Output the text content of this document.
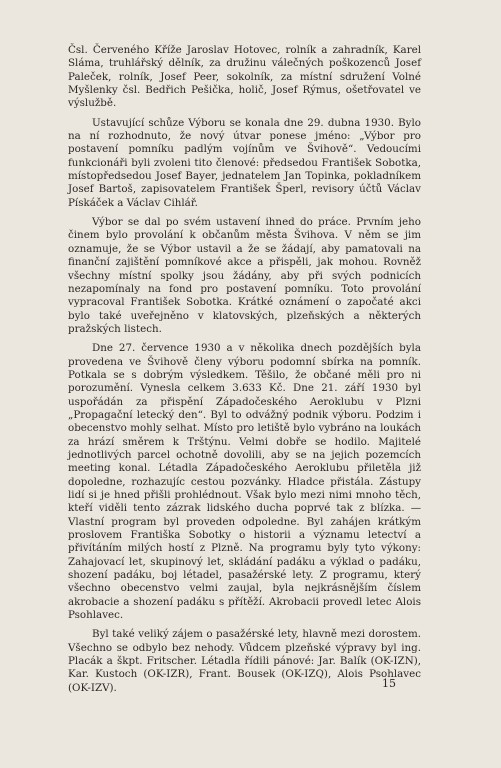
Čsl. Červeného Kříže Jaroslav Hotovec, rolník a zahradník, Karel Sláma, truhlářský dělník, za družinu válečných poškozenců Josef Paleček, rolník, Josef Peer, sokolník, za místní sdružení Volné Myšlenky čsl. Bedřich Pešička, holič, Josef Rýmus, ošetřovatel ve výslužbě.

Ustavující schůze Výboru se konala dne 29. dubna 1930. Bylo na ní rozhodnuto, že nový útvar ponese jméno: „Výbor pro postavení pomníku padlým vojínům ve Švihově“. Vedoucími funkcionáři byli zvoleni tito členové: předsedou František Sobotka, místopředsedou Josef Bayer, jednatelem Jan Topinka, pokladníkem Josef Bartoš, zapisovatelem František Šperl, revisory účtů Václav Pískáček a Václav Cihlář.

Výbor se dal po svém ustavení ihned do práce. Prvním jeho činem bylo provolání k občanům města Švihova. V něm se jim oznamuje, že se Výbor ustavil a že se žádají, aby pamatovali na finanční zajištění pomníkové akce a přispěli, jak mohou. Rovněž všechny místní spolky jsou žádány, aby při svých podnicích nezapomínaly na fond pro postavení pomníku. Toto provolání vypracoval František Sobotka. Krátké oznámení o započaté akci bylo také uveřejněno v klatovských, plzeňských a některých pražských listech.

Dne 27. července 1930 a v několika dnech pozdějších byla provedena ve Švihově členy výboru podomní sbírka na pomník. Potkala se s dobrým výsledkem. Těšilo, že občané měli pro ni porozumění. Vynesla celkem 3.633 Kč. Dne 21. září 1930 byl uspořádán za přispění Západočeského Aeroklubu v Plzni „Propagační letecký den“. Byl to odvážný podnik výboru. Podzim i obecenstvo mohly selhat. Místo pro letiště bylo vybráno na loukách za hrází směrem k Trštýnu. Velmi dobře se hodilo. Majitelé jednotlivých parcel ochotně dovolili, aby se na jejich pozemcích meeting konal. Létadla Západočeského Aeroklubu přiletěla již dopoledne, rozhazujíc cestou pozvánky. Hladce přistála. Zástupy lidí si je hned přišli prohlédnout. Však bylo mezi nimi mnoho těch, kteří viděli tento zázrak lidského ducha poprvé tak z blízka. — Vlastní program byl proveden odpoledne. Byl zahájen krátkým proslovem Františka Sobotky o historii a významu letectví a přivítáním milých hostí z Plzně. Na programu byly tyto výkony: Zahajovací let, skupinový let, skládání padáku a výklad o padáku, shození padáku, boj létadel, pasažérské lety. Z programu, který všechno obecenstvo velmi zaujal, byla nejkrásnějším číslem akrobacie a shození padáku s přítěží. Akrobacii provedl letec Alois Psohlavec.

Byl také veliký zájem o pasažérské lety, hlavně mezi dorostem. Všechno se odbylo bez nehody. Vůdcem plzeňské výpravy byl ing. Placák a škpt. Fritscher. Létadla řídili pánové: Jar. Balík (OK-IZN), Kar. Kustoch (OK-IZR), Frant. Bousek (OK-IZQ), Alois Psohlavec (OK-IZV).	15
